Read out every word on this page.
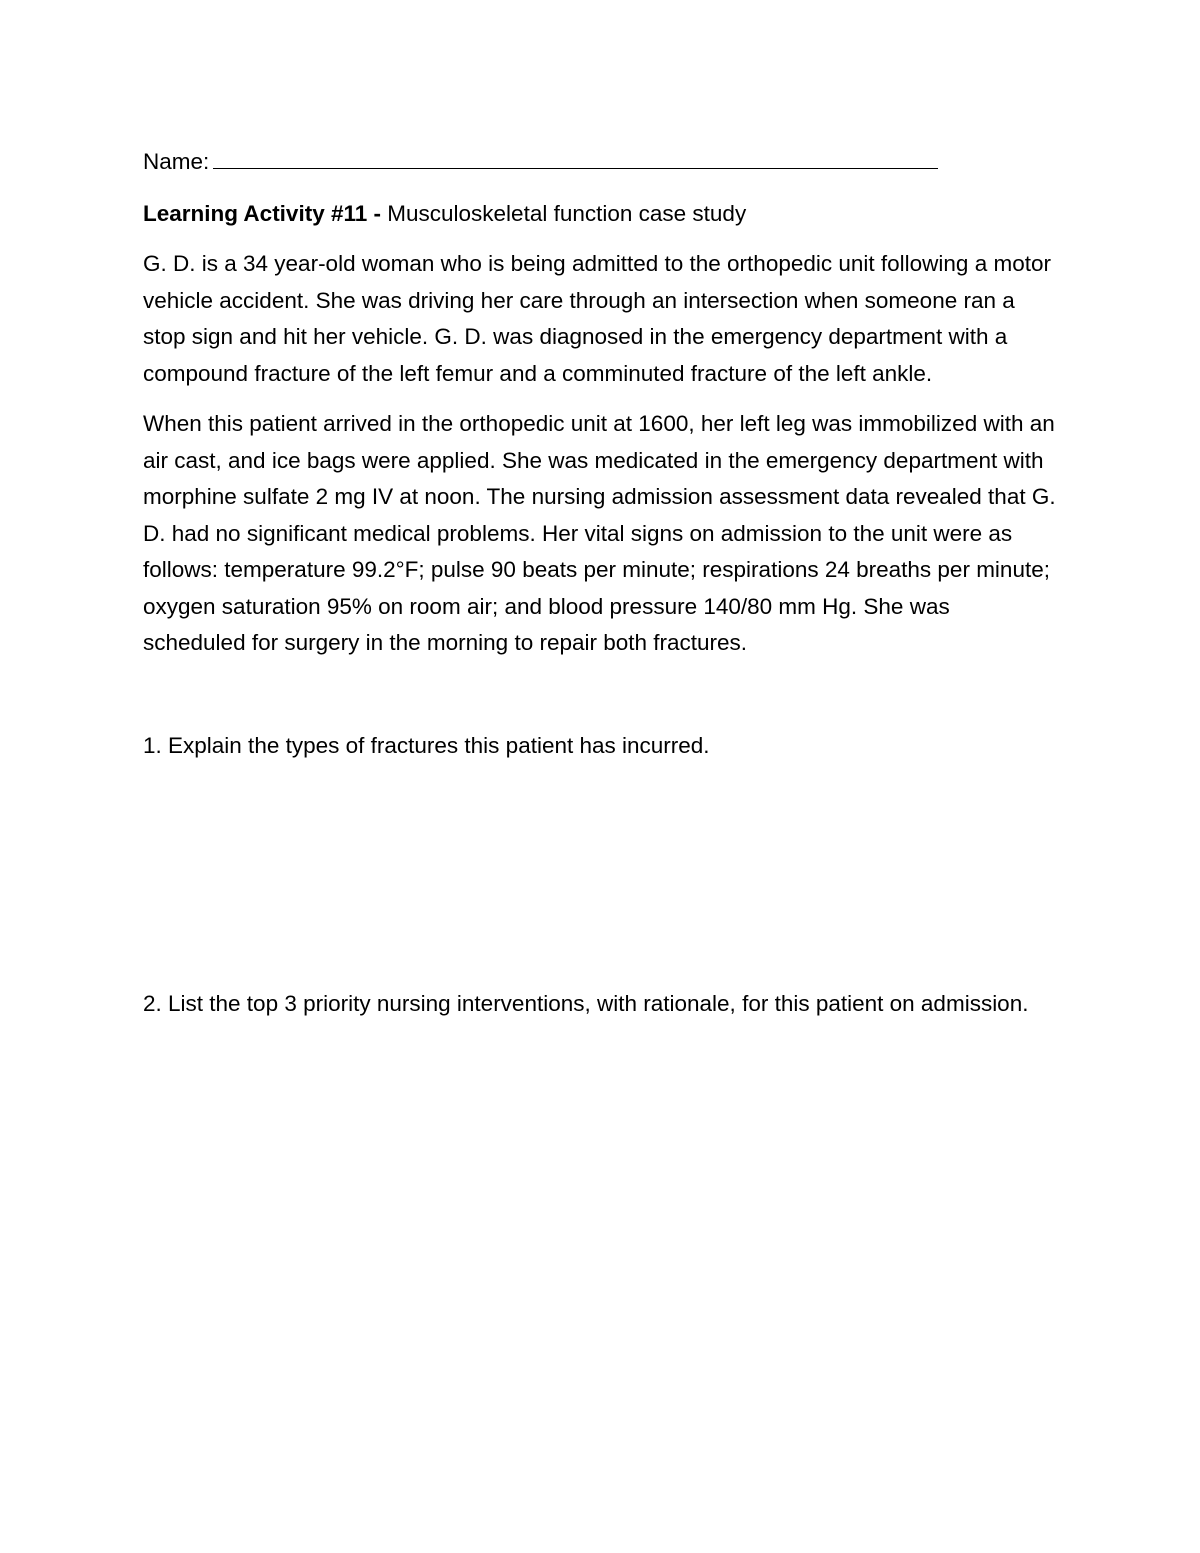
Name:

Learning Activity #11 - Musculoskeletal function case study

G. D. is a 34 year-old woman who is being admitted to the orthopedic unit following a motor vehicle accident. She was driving her care through an intersection when someone ran a stop sign and hit her vehicle. G. D. was diagnosed in the emergency department with a compound fracture of the left femur and a comminuted fracture of the left ankle.

When this patient arrived in the orthopedic unit at 1600, her left leg was immobilized with an air cast, and ice bags were applied. She was medicated in the emergency department with morphine sulfate 2 mg IV at noon. The nursing admission assessment data revealed that G. D. had no significant medical problems. Her vital signs on admission to the unit were as follows: temperature 99.2°F; pulse 90 beats per minute; respirations 24 breaths per minute; oxygen saturation 95% on room air; and blood pressure 140/80 mm Hg. She was scheduled for surgery in the morning to repair both fractures.

1. Explain the types of fractures this patient has incurred.

2. List the top 3 priority nursing interventions, with rationale, for this patient on admission.
